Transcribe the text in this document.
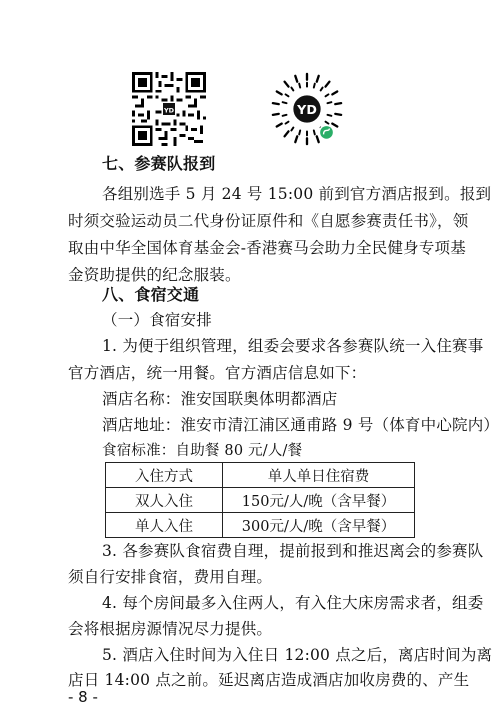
YD	YD
七、参赛队报到
各组别选手 5 月 24 号 15:00 前到官方酒店报到。报到
时须交验运动员二代身份证原件和《自愿参赛责任书》，领
取由中华全国体育基金会-香港赛马会助力全民健身专项基
金资助提供的纪念服装。
八、食宿交通
（一）食宿安排
1. 为便于组织管理，组委会要求各参赛队统一入住赛事
官方酒店，统一用餐。官方酒店信息如下：
酒店名称：淮安国联奥体明都酒店
酒店地址：淮安市清江浦区通甫路 9 号（体育中心院内）
食宿标准：自助餐 80 元/人/餐
入住方式	单人单日住宿费
双人入住	150元/人/晚（含早餐）
单人入住	300元/人/晚（含早餐）
3. 各参赛队食宿费自理，提前报到和推迟离会的参赛队
须自行安排食宿，费用自理。
4. 每个房间最多入住两人，有入住大床房需求者，组委
会将根据房源情况尽力提供。
5. 酒店入住时间为入住日 12:00 点之后，离店时间为离
店日 14:00 点之前。延迟离店造成酒店加收房费的、产生
- 8 -
